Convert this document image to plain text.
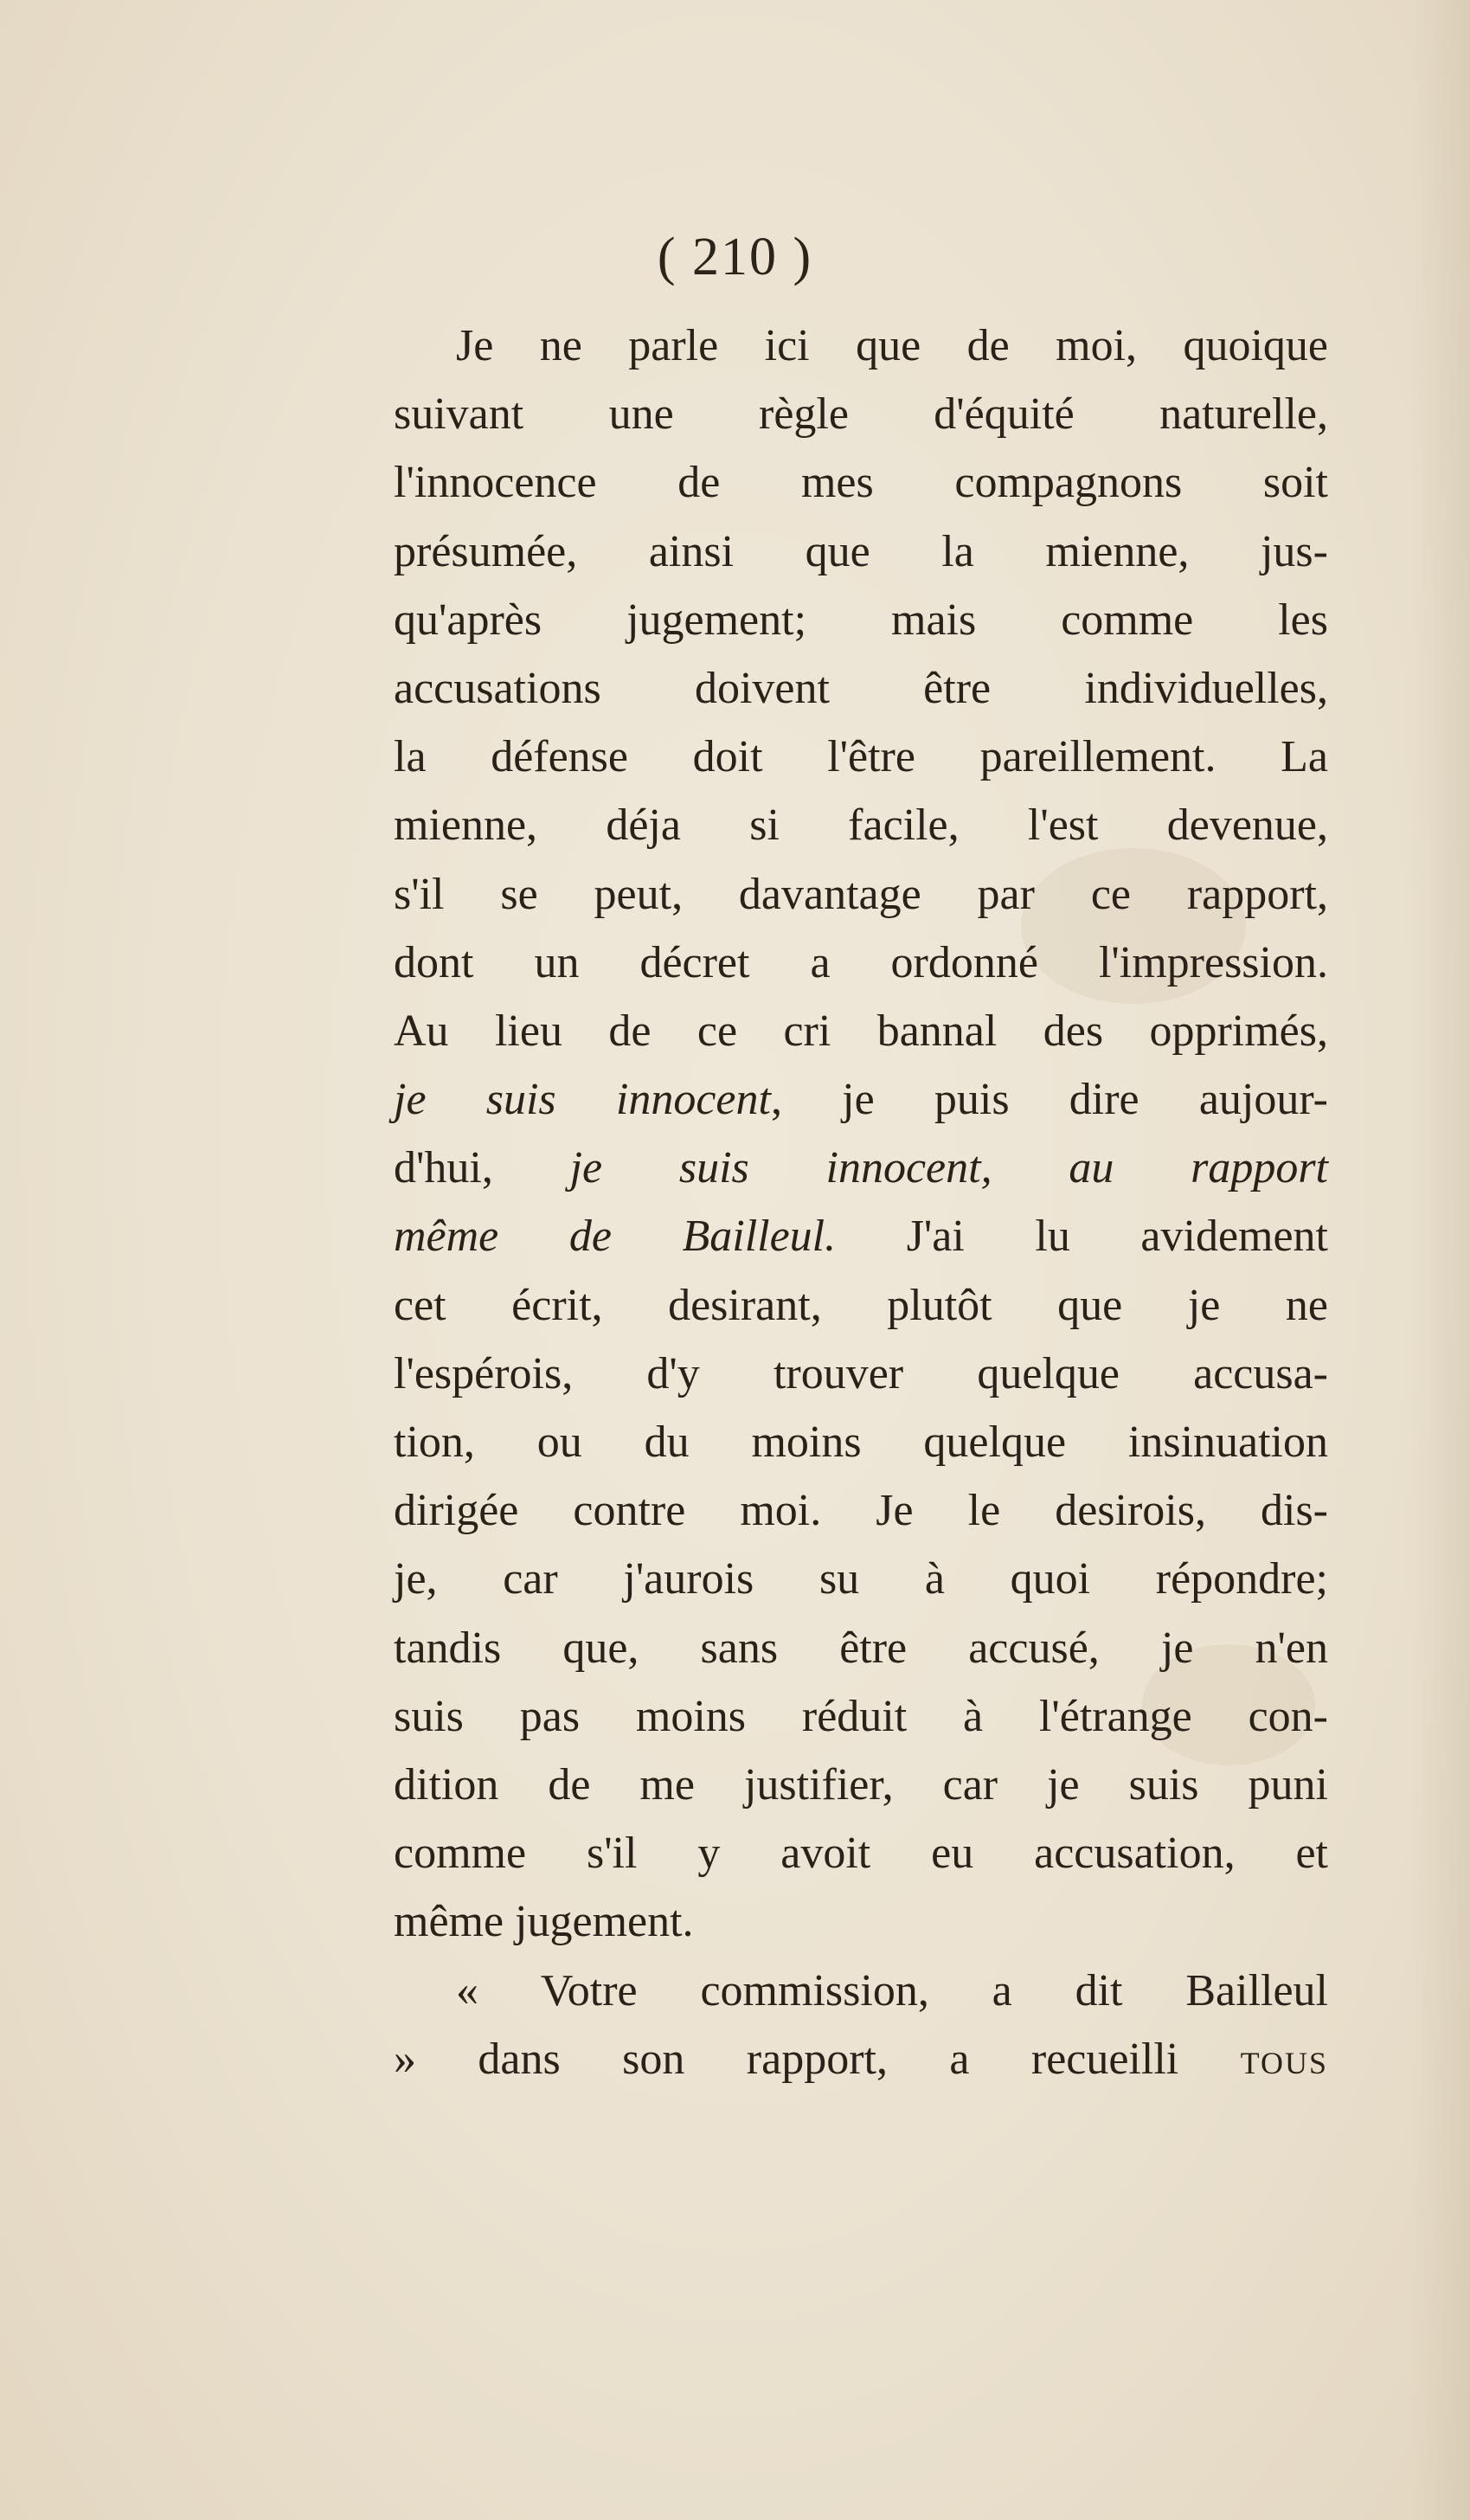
( 210 )
Je ne parle ici que de moi, quoique
suivant une règle d'équité naturelle,
l'innocence de mes compagnons soit
présumée, ainsi que la mienne, jus-
qu'après jugement; mais comme les
accusations doivent être individuelles,
la défense doit l'être pareillement. La
mienne, déja si facile, l'est devenue,
s'il se peut, davantage par ce rapport,
dont un décret a ordonné l'impression.
Au lieu de ce cri bannal des opprimés,
je suis innocent, je puis dire aujour-
d'hui, je suis innocent, au rapport
même de Bailleul. J'ai lu avidement
cet écrit, desirant, plutôt que je ne
l'espérois, d'y trouver quelque accusa-
tion, ou du moins quelque insinuation
dirigée contre moi. Je le desirois, dis-
je, car j'aurois su à quoi répondre;
tandis que, sans être accusé, je n'en
suis pas moins réduit à l'étrange con-
dition de me justifier, car je suis puni
comme s'il y avoit eu accusation, et
même jugement.
« Votre commission, a dit Bailleul
» dans son rapport, a recueilli tous
